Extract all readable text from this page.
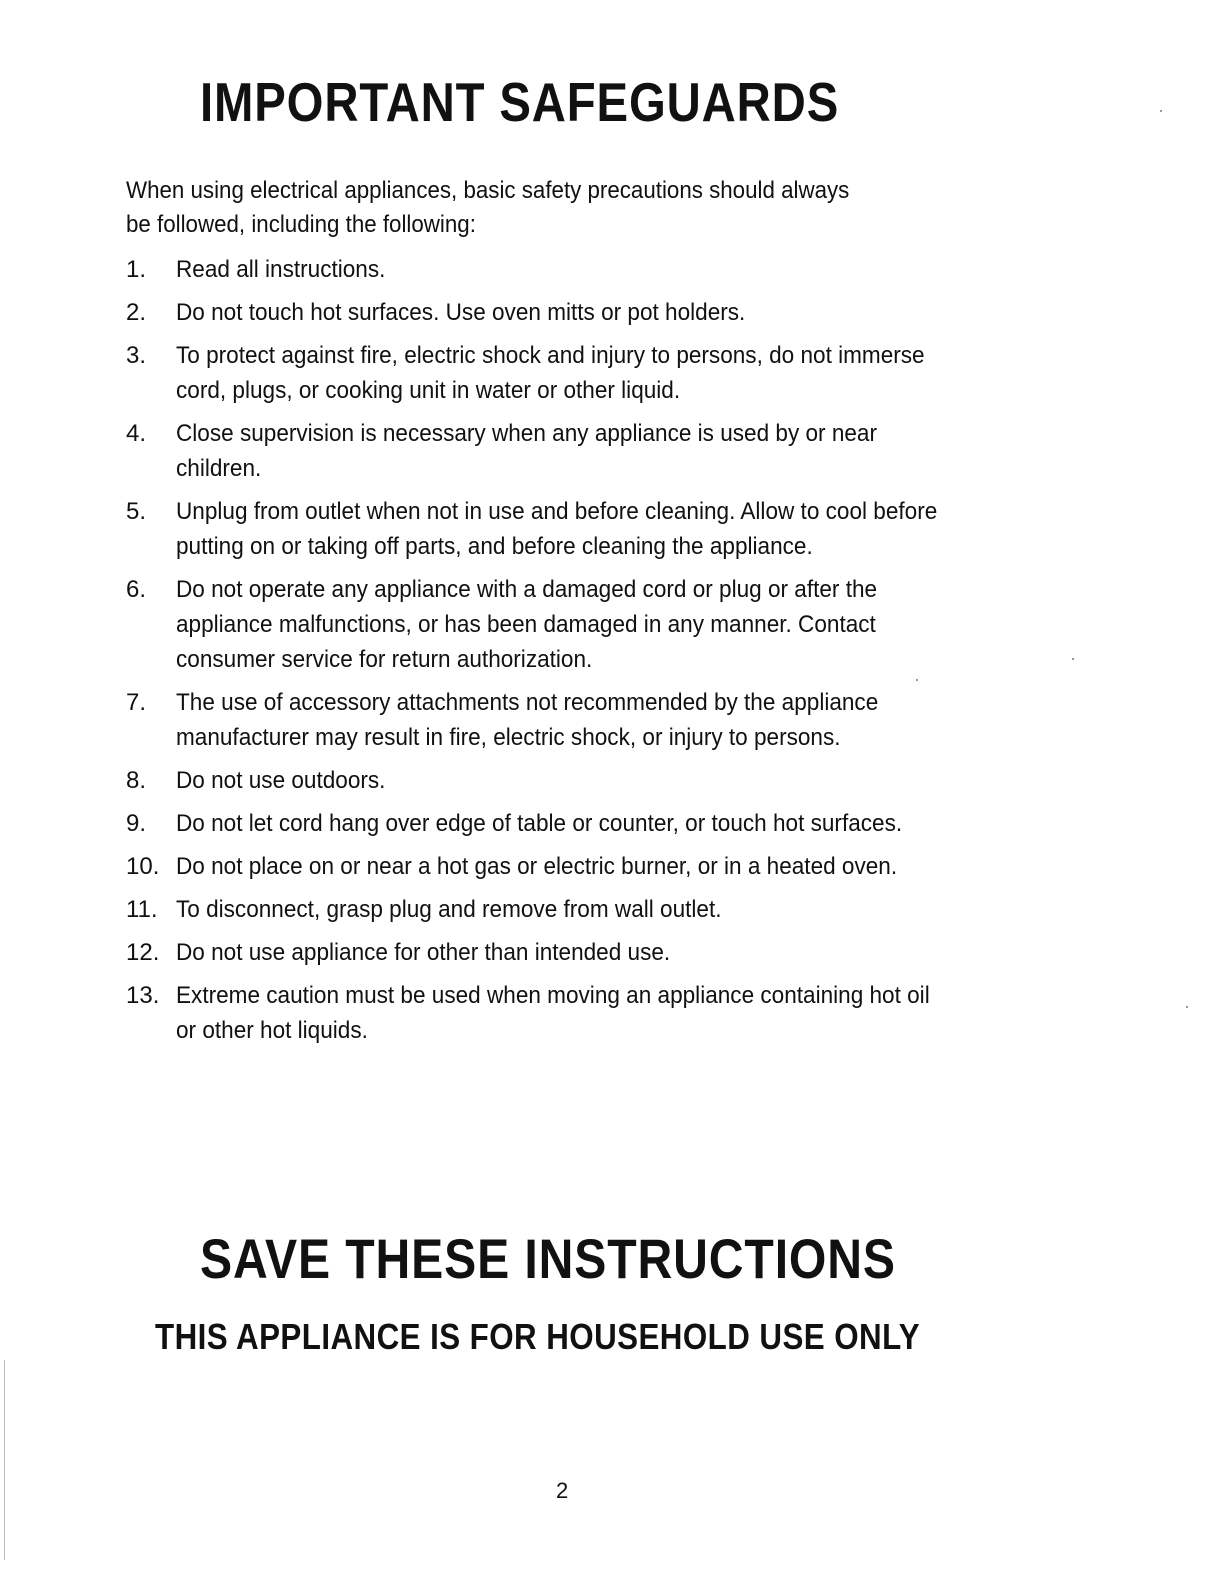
IMPORTANT SAFEGUARDS
When using electrical appliances, basic safety precautions should always be followed, including the following:
1.	Read all instructions.
2.	Do not touch hot surfaces. Use oven mitts or pot holders.
3.	To protect against fire, electric shock and injury to persons, do not immerse cord, plugs, or cooking unit in water or other liquid.
4.	Close supervision is necessary when any appliance is used by or near children.
5.	Unplug from outlet when not in use and before cleaning. Allow to cool before putting on or taking off parts, and before cleaning the appliance.
6.	Do not operate any appliance with a damaged cord or plug or after the appliance malfunctions, or has been damaged in any manner. Contact consumer service for return authorization.
7.	The use of accessory attachments not recommended by the appliance manufacturer may result in fire, electric shock, or injury to persons.
8.	Do not use outdoors.
9.	Do not let cord hang over edge of table or counter, or touch hot surfaces.
10. Do not place on or near a hot gas or electric burner, or in a heated oven.
11. To disconnect, grasp plug and remove from wall outlet.
12. Do not use appliance for other than intended use.
13. Extreme caution must be used when moving an appliance containing hot oil or other hot liquids.
SAVE THESE INSTRUCTIONS
THIS APPLIANCE IS FOR HOUSEHOLD USE ONLY
2
